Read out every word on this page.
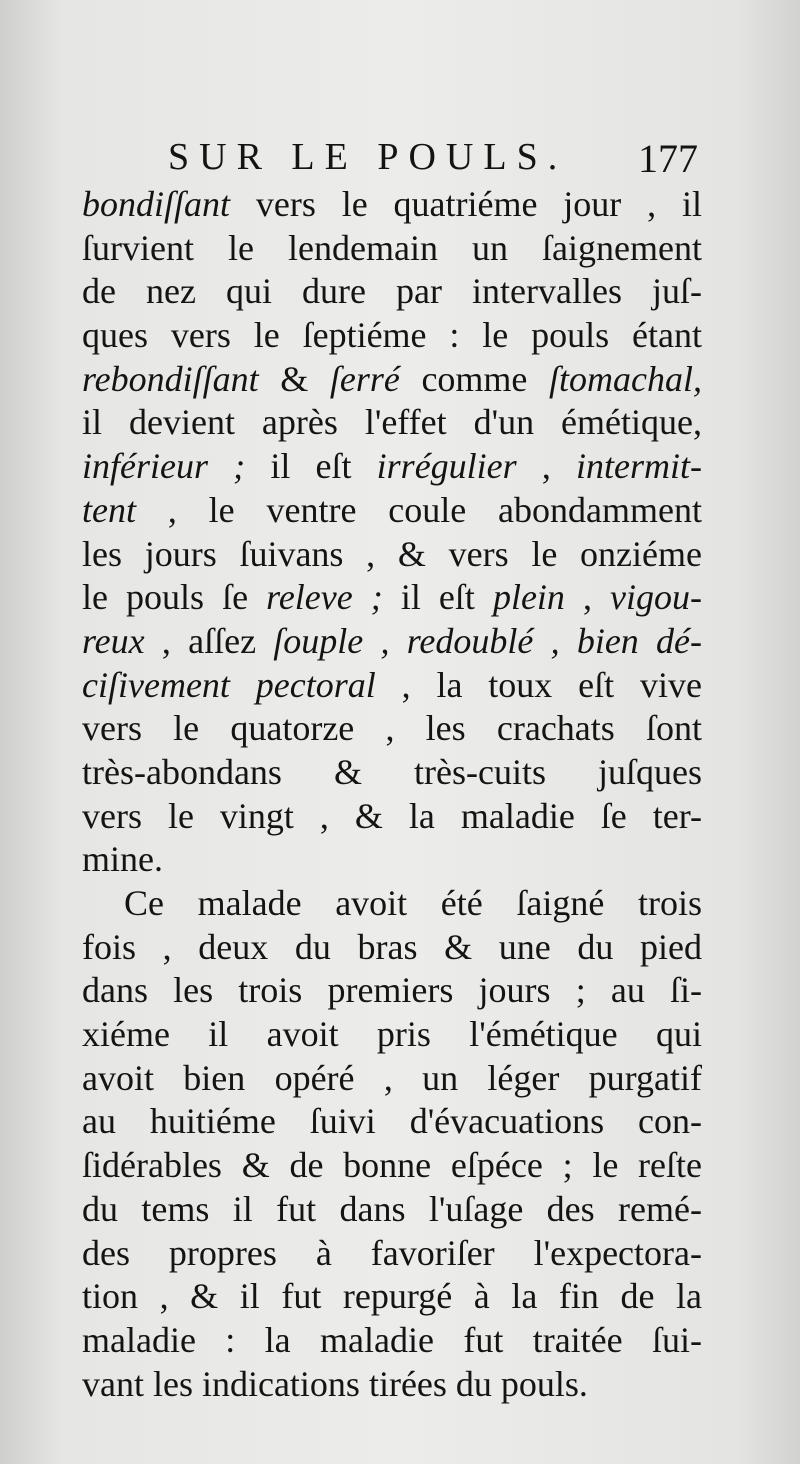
SUR LE POULS. 177
bondiſſant vers le quatriéme jour , il
ſurvient le lendemain un ſaignement
de nez qui dure par intervalles juſ-
ques vers le ſeptiéme : le pouls étant
rebondiſſant & ſerré comme ſtomachal,
il devient après l'effet d'un émétique,
inférieur ; il eſt irrégulier , intermit-
tent , le ventre coule abondamment
les jours ſuivans , & vers le onziéme
le pouls ſe releve ; il eſt plein , vigou-
reux , aſſez ſouple , redoublé , bien dé-
ciſivement pectoral , la toux eſt vive
vers le quatorze , les crachats ſont
très-abondans & très-cuits juſques
vers le vingt , & la maladie ſe ter-
mine.
Ce malade avoit été ſaigné trois
fois , deux du bras & une du pied
dans les trois premiers jours ; au ſi-
xiéme il avoit pris l'émétique qui
avoit bien opéré , un léger purgatif
au huitiéme ſuivi d'évacuations con-
ſidérables & de bonne eſpéce ; le reſte
du tems il fut dans l'uſage des remé-
des propres à favoriſer l'expectora-
tion , & il fut repurgé à la fin de la
maladie : la maladie fut traitée ſui-
vant les indications tirées du pouls.
